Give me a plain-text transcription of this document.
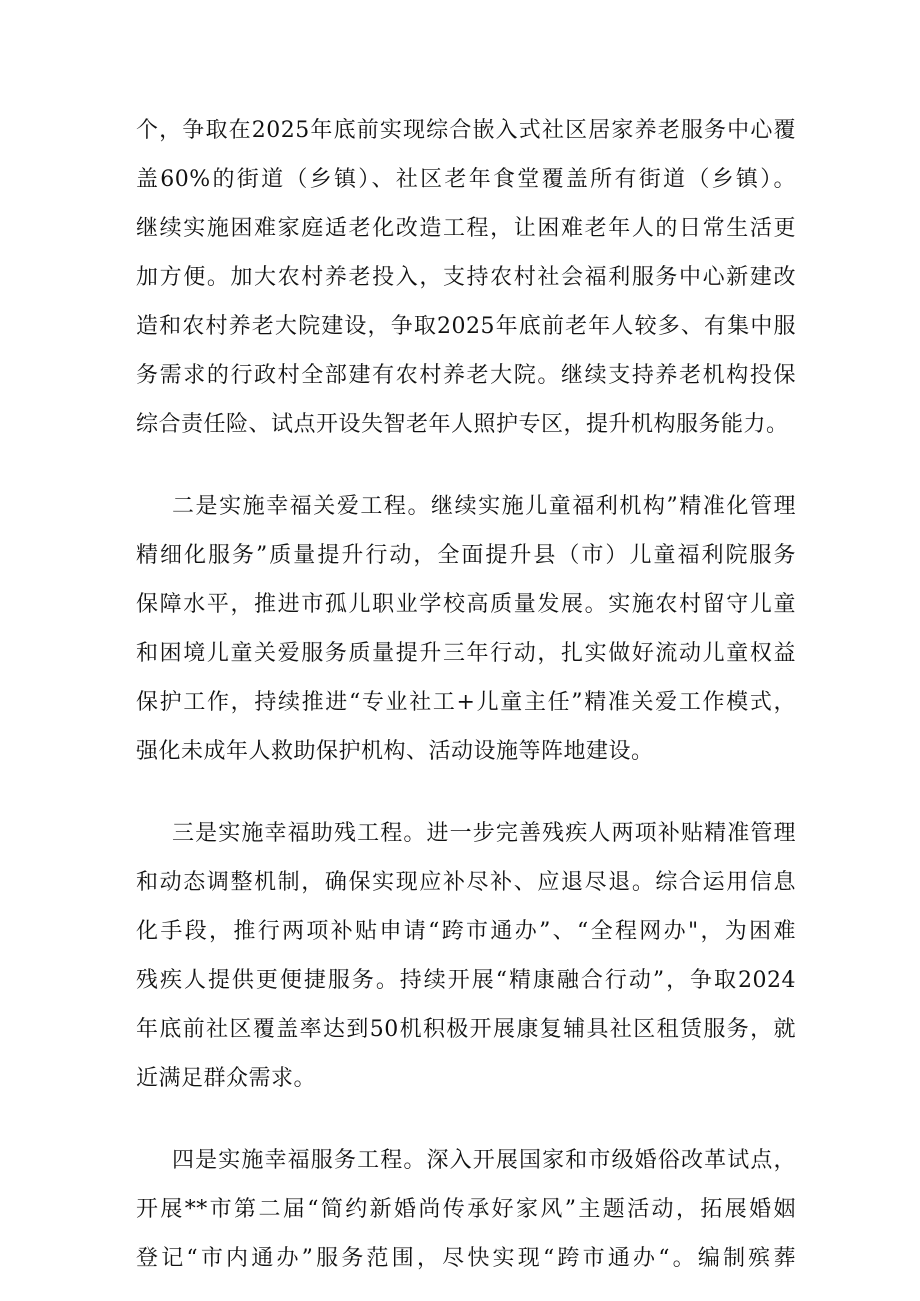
个，争取在2025年底前实现综合嵌入式社区居家养老服务中心覆
盖60%的街道（乡镇）、社区老年食堂覆盖所有街道（乡镇）。
继续实施困难家庭适老化改造工程，让困难老年人的日常生活更
加方便。加大农村养老投入，支持农村社会福利服务中心新建改
造和农村养老大院建设，争取2025年底前老年人较多、有集中服
务需求的行政村全部建有农村养老大院。继续支持养老机构投保
综合责任险、试点开设失智老年人照护专区，提升机构服务能力。
二是实施幸福关爱工程。继续实施儿童福利机构”精准化管理
精细化服务”质量提升行动，全面提升县（市）儿童福利院服务
保障水平，推进市孤儿职业学校高质量发展。实施农村留守儿童
和困境儿童关爱服务质量提升三年行动，扎实做好流动儿童权益
保护工作，持续推进“专业社工+儿童主任”精准关爱工作模式，
强化未成年人救助保护机构、活动设施等阵地建设。
三是实施幸福助残工程。进一步完善残疾人两项补贴精准管理
和动态调整机制，确保实现应补尽补、应退尽退。综合运用信息
化手段，推行两项补贴申请“跨市通办”、“全程网办"，为困难
残疾人提供更便捷服务。持续开展“精康融合行动”，争取2024
年底前社区覆盖率达到50机积极开展康复辅具社区租赁服务，就
近满足群众需求。
四是实施幸福服务工程。深入开展国家和市级婚俗改革试点，
开展**市第二届“简约新婚尚传承好家风”主题活动，拓展婚姻
登记“市内通办”服务范围，尽快实现“跨市通办“。编制殡葬
